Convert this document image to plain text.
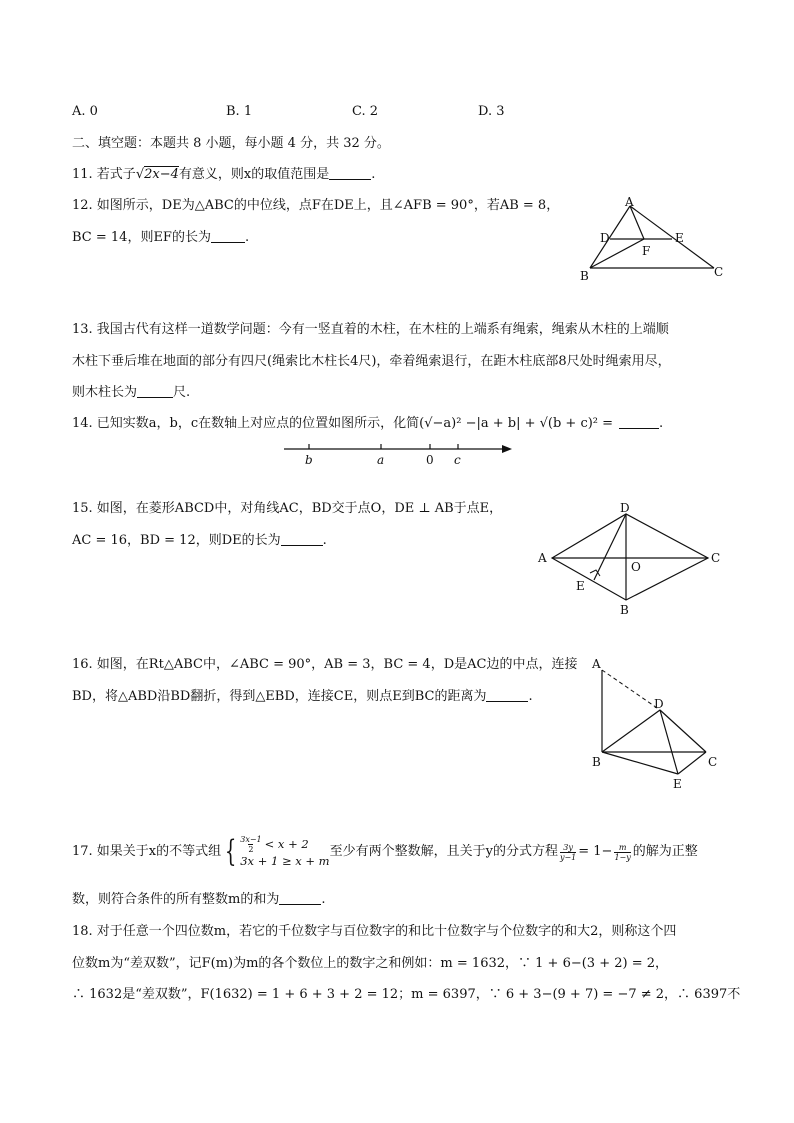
A. 0	B. 1	C. 2	D. 3
二、填空题：本题共 8 小题，每小题 4 分，共 32 分。
11. 若式子√2x−4有意义，则x的取值范围是	.
12. 如图所示，DE为△ABC的中位线，点F在DE上，且∠AFB = 90°，若AB = 8，
BC = 14，则EF的长为	.
A
B	C
D	E
F
13. 我国古代有这样一道数学问题：今有一竖直着的木柱，在木柱的上端系有绳索，绳索从木柱的上端顺
木柱下垂后堆在地面的部分有四尺(绳索比木柱长4尺)，牵着绳索退行，在距木柱底部8尺处时绳索用尽，
则木柱长为	尺.
14. 已知实数a，b，c在数轴上对应点的位置如图所示，化简(√−a)² −|a + b| + √(b + c)² =	.
b	a	0 c
15. 如图，在菱形ABCD中，对角线AC，BD交于点O，DE ⊥ AB于点E，
AC = 16，BD = 12，则DE的长为	.
A
D
C
B
E
O
16. 如图，在Rt△ABC中，∠ABC = 90°，AB = 3，BC = 4，D是AC边的中点，连接
BD，将△ABD沿BD翻折，得到△EBD，连接CE，则点E到BC的距离为	.
A
D
B	C
E
17. 如果关于x的不等式组 { $\frac{3x-1}{2} < x + 2$
3x + 1 ≥ x + m
至少有两个整数解，且关于y的分式方程 $\frac{3y}{y-1} = 1- \frac{m}{1-y}$ 的解为正整
数，则符合条件的所有整数m的和为	.
18. 对于任意一个四位数m，若它的千位数字与百位数字的和比十位数字与个位数字的和大2，则称这个四
位数m为“差双数”，记F(m)为m的各个数位上的数字之和例如：m = 1632，∵ 1 + 6−(3 + 2) = 2，
∴ 1632是“差双数”，F(1632) = 1 + 6 + 3 + 2 = 12；m = 6397，∵ 6 + 3−(9 + 7) = −7 ≠ 2，∴ 6397不
